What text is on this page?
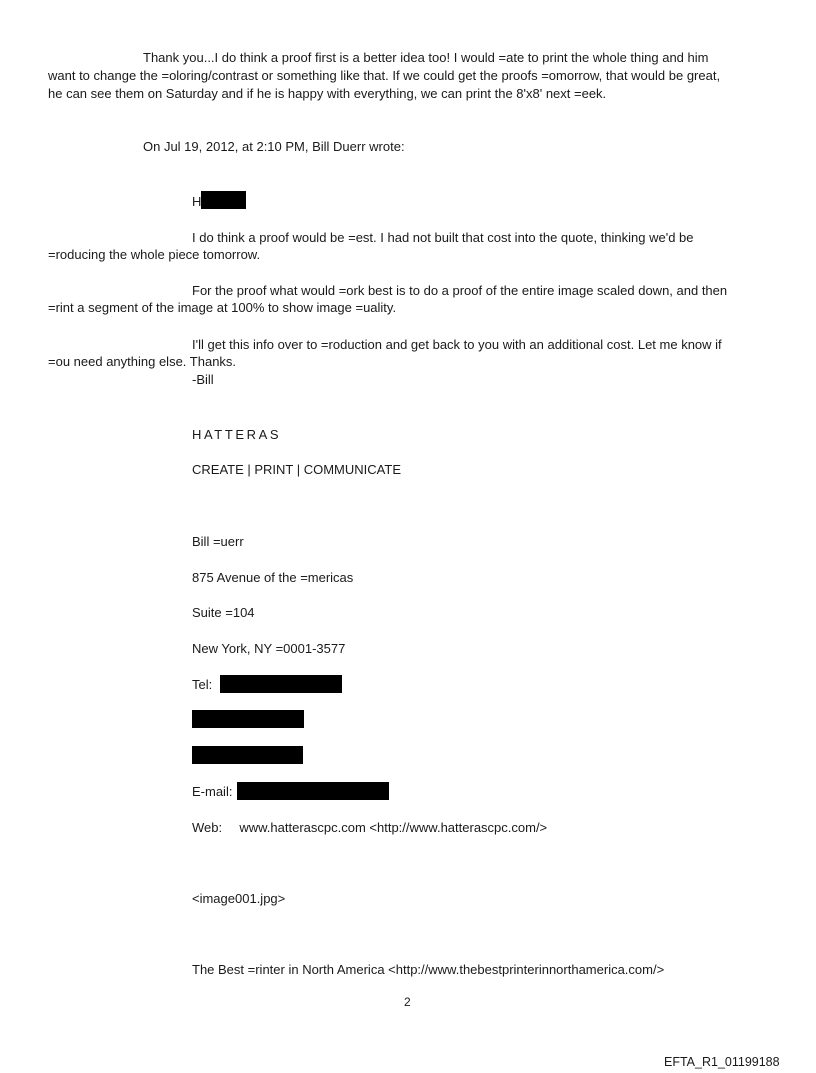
Thank you...I do think a proof first is a better idea too! I would =ate to print the whole thing and him
want to change the =oloring/contrast or something like that. If we could get the proofs =omorrow, that would be great,
he can see them on Saturday and if he is happy with everything, we can print the 8'x8' next =eek.
On Jul 19, 2012, at 2:10 PM, Bill Duerr wrote:
H
I do think a proof would be =est. I had not built that cost into the quote, thinking we'd be
=roducing the whole piece tomorrow.
For the proof what would =ork best is to do a proof of the entire image scaled down, and then
=rint a segment of the image at 100% to show image =uality.
I'll get this info over to =roduction and get back to you with an additional cost. Let me know if
=ou need anything else. Thanks.
-Bill
HATTERAS
CREATE | PRINT | COMMUNICATE
Bill =uerr
875 Avenue of the =mericas
Suite =104
New York, NY =0001-3577
Tel:
E-mail:
Web: www.hatterascpc.com <http://www.hatterascpc.com/>
<image001.jpg>
The Best =rinter in North America <http://www.thebestprinterinnorthamerica.com/>
2
EFTA_R1_01199188
